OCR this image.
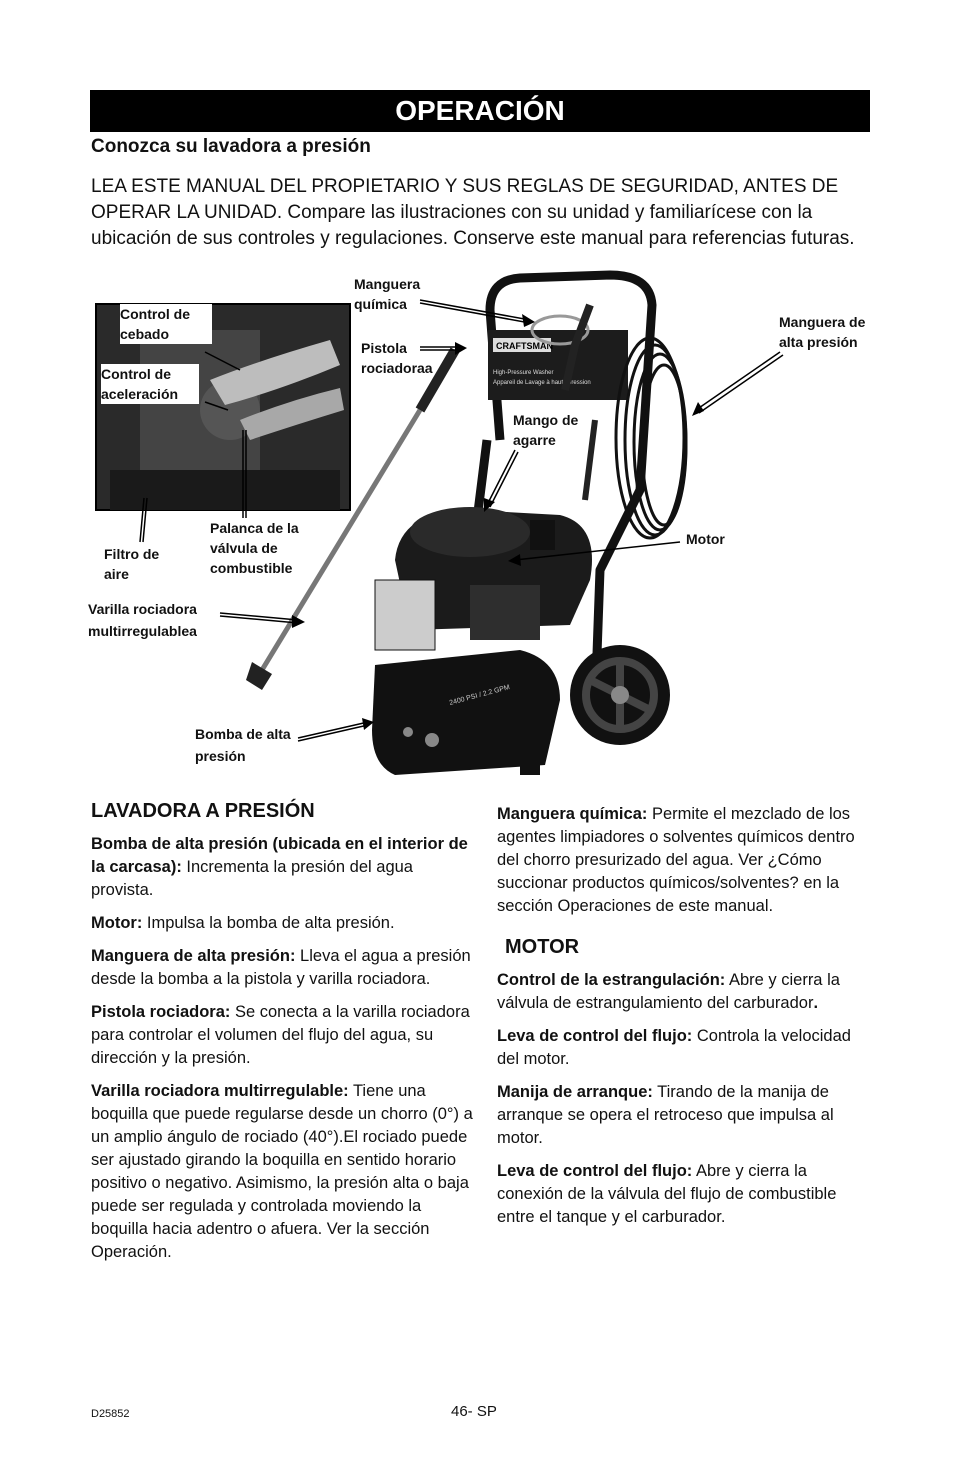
OPERACIÓN
Conozca su lavadora a presión
LEA ESTE MANUAL DEL PROPIETARIO Y SUS REGLAS DE SEGURIDAD, ANTES DE OPERAR LA UNIDAD. Compare las ilustraciones con su unidad y familiarícese con la ubicación de sus controles y regulaciones. Conserve este manual para referencias futuras.
CRAFTSMAN
High-Pressure Washer
Appareil de Lavage à haute pression
2400 PSI / 2.2 GPM
Control de cebado
Control de aceleración
Filtro de aire
Palanca de la válvula de combustible
Varilla rociadora multirregulablea
Manguera química
Pistola rociadoraa
Manguera de alta presión
Mango de agarre
Motor
Bomba de alta presión
LAVADORA A PRESIÓN

Bomba de alta presión (ubicada en el interior de la carcasa): Incrementa la presión del agua provista.

Motor: Impulsa la bomba de alta presión.

Manguera de alta presión: Lleva el agua a presión desde la bomba a la pistola y varilla rociadora.

Pistola rociadora: Se conecta a la varilla rociadora para controlar el volumen del flujo del agua, su dirección y la presión.

Varilla rociadora multirregulable: Tiene una boquilla que puede regularse desde un chorro (0°) a un amplio ángulo de rociado (40°).El rociado puede ser ajustado girando la boquilla en sentido horario positivo o negativo. Asimismo, la presión alta o baja puede ser regulada y controlada moviendo la boquilla hacia adentro o afuera. Ver la sección Operación.

Manguera química: Permite el mezclado de los agentes limpiadores o solventes químicos dentro del chorro presurizado del agua. Ver ¿Cómo succionar productos químicos/solventes? en la sección Operaciones de este manual.

MOTOR

Control de la estrangulación: Abre y cierra la válvula de estrangulamiento del carburador.

Leva de control del flujo: Controla la velocidad del motor.

Manija de arranque: Tirando de la manija de arranque se opera el retroceso que impulsa al motor.

Leva de control del flujo: Abre y cierra la conexión de la válvula del flujo de combustible entre el tanque y el carburador.

D25852	46- SP
